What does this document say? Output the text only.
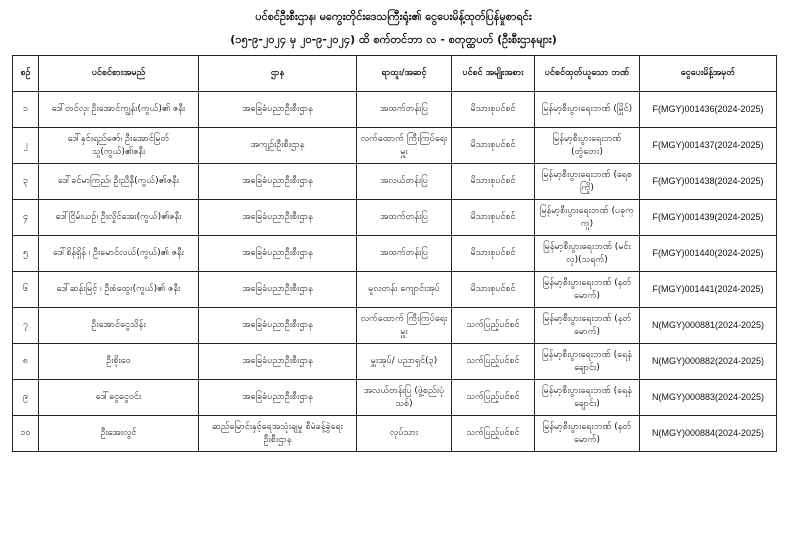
ပင်စင်ဦးစီးဌာန၊ မကွေးတိုင်းဒေသကြီးရုံး၏ ငွေပေးမိန့်ထုတ်ပြန်မှုစာရင်း
(၁၅-၉-၂၀၂၄ မှ ၂၀-၉-၂၀၂၄) ထိ စက်တင်ဘာ လ - စတုတ္ထပတ် (ဦးစီးဌာနများ)
စဉ်	ပင်စင်စားအမည်	ဌာန	ရာထူး/အဆင့်	ပင်စင် အမျိုးအစား	ပင်စင်ထုတ်ယူသော ဘဏ်	ငွေပေးမိန့်အမှတ်
၁	ဒေါ်တင်လှ၊ ဦးအောင်ကျွန်း(ကွယ်)၏ ဇနီး	အခြေခံပညာဦးစီးဌာန	အထက်တန်းပြ	မိသားစုပင်စင်	မြန်မာ့စီးပွားရေးဘဏ် (မြိုင်)	F(MGY)001436(2024-2025)
၂	ဒေါ်နှင်းရည်ဇော်၊ ဦးအောင်မြတ်သူ(ကွယ်)၏ဇနီး	အကျဉ်းဦးစီးဌာန	လက်ထောက် ကြီးကြပ်ရေးမှူး	မိသားစုပင်စင်	မြန်မာ့စီးပွားရေးဘဏ် (တွံတေး)	F(MGY)001437(2024-2025)
၃	ဒေါ်ခင်မာကြည်၊ ဦးညီနီ(ကွယ်)၏ဇနီး	အခြေခံပညာဦးစီးဌာန	အလယ်တန်းပြ	မိသားစုပင်စင်	မြန်မာ့စီးပွားရေးဘဏ် (ရေစကြို)	F(MGY)001438(2024-2025)
၄	ဒေါ်ငြိမ်းယဉ်၊ ဦးလှိုင်အေး(ကွယ်)၏ဇနီး	အခြေခံပညာဦးစီးဌာန	အထက်တန်းပြ	မိသားစုပင်စင်	မြန်မာ့စီးပွားရေးဘဏ် (ပခုက္ကူ)	F(MGY)001439(2024-2025)
၅	ဒေါ်စိန်ရှိန် ၊ ဦးမောင်လယ်(ကွယ်)၏ ဇနီး	အခြေခံပညာဦးစီးဌာန	အထက်တန်းပြ	မိသားစုပင်စင်	မြန်မာ့စီးပွားရေးဘဏ် (မင်းလှ)(သရက်)	F(MGY)001440(2024-2025)
၆	ဒေါ်ဆန်းမြင့် ၊ ဦးစံထွေး(ကွယ်)၏ ဇနီး	အခြေခံပညာဦးစီးဌာန	မူလတန်း ကျောင်းအုပ်	မိသားစုပင်စင်	မြန်မာ့စီးပွားရေးဘဏ် (နတ်မောက်)	F(MGY)001441(2024-2025)
၇	ဦးအောင်ငွေသိန်း	အခြေခံပညာဦးစီးဌာန	လက်ထောက် ကြီးကြပ်ရေးမှူး	သက်ပြည့်ပင်စင်	မြန်မာ့စီးပွားရေးဘဏ် (နတ်မောက်)	N(MGY)000881(2024-2025)
၈	ဦးစိုးဝေ	အခြေခံပညာဦးစီးဌာန	မှူးအုပ်/ ပညာရှင်(၃)	သက်ပြည့်ပင်စင်	မြန်မာ့စီးပွားရေးဘဏ် (ရေနံချောင်း)	N(MGY)000882(2024-2025)
၉	ဒေါ်ငွေငွေဝင်း	အခြေခံပညာဦးစီးဌာန	အလယ်တန်းပြ (ဖွဲ့စည်းပုံသစ်)	သက်ပြည့်ပင်စင်	မြန်မာ့စီးပွားရေးဘဏ် (ရေနံချောင်း)	N(MGY)000883(2024-2025)
၁၀	ဦးအေးလွင်	ဆည်မြောင်းနှင့်ရေအသုံးချမှု စီမံခန့်ခွဲရေးဦးစီးဌာန	လုပ်သား	သက်ပြည့်ပင်စင်	မြန်မာ့စီးပွားရေးဘဏ် (နတ်မောက်)	N(MGY)000884(2024-2025)
